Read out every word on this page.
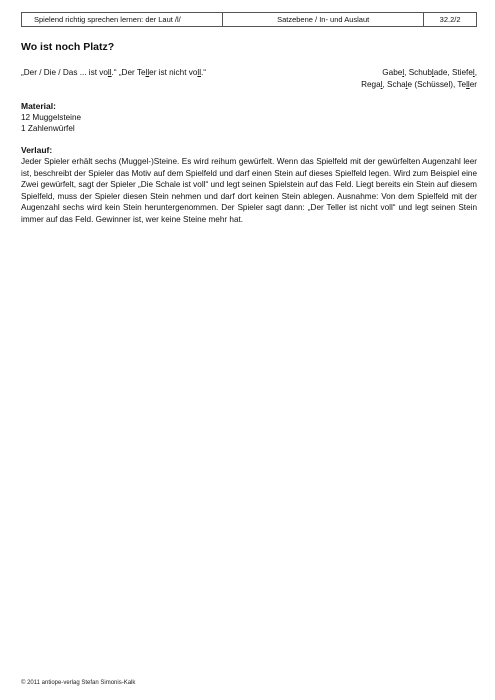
Spielend richtig sprechen lernen: der Laut /l/	Satzebene / In- und Auslaut	32.2/2
Wo ist noch Platz?
„Der / Die / Das ... ist voll.“ „Der Teller ist nicht voll.“	Gabel, Schublade, Stiefel,
Regal, Schale (Schüssel), Teller
Material:
12 Muggelsteine
1 Zahlenwürfel
Verlauf:

Jeder Spieler erhält sechs (Muggel-)Steine. Es wird reihum gewürfelt. Wenn das Spielfeld mit der gewürfelten Augenzahl leer ist, beschreibt der Spieler das Motiv auf dem Spielfeld und darf einen Stein auf dieses Spielfeld legen. Wird zum Beispiel eine Zwei gewürfelt, sagt der Spieler „Die Schale ist voll“ und legt seinen Spielstein auf das Feld. Liegt bereits ein Stein auf diesem Spielfeld, muss der Spieler diesen Stein nehmen und darf dort keinen Stein ablegen. Ausnahme: Von dem Spielfeld mit der Augenzahl sechs wird kein Stein heruntergenommen. Der Spieler sagt dann: „Der Teller ist nicht voll“ und legt seinen Stein immer auf das Feld. Gewinner ist, wer keine Steine mehr hat.

© 2011 antiope-verlag Stefan Simonis-Kalk
